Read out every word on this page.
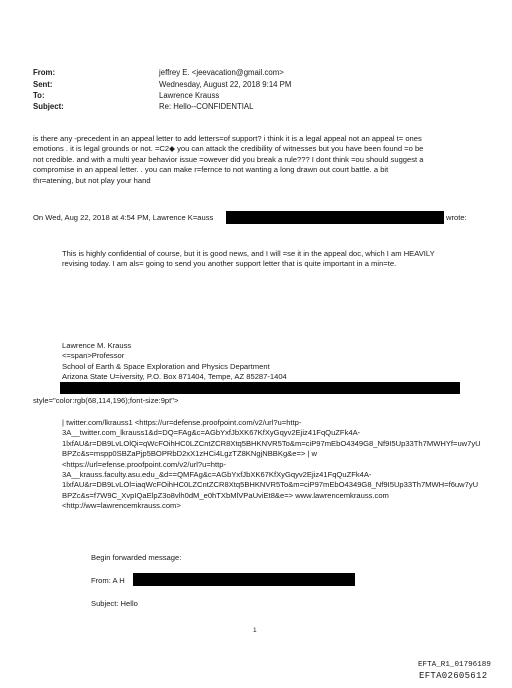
From:	jeffrey E. <jeevacation@gmail.com>
Sent:	Wednesday, August 22, 2018 9:14 PM
To:	Lawrence Krauss
Subject:	Re: Hello--CONFIDENTIAL
is there any -precedent in an appeal letter to add letters=of support? i think it is a legal appeal not an appeal t= ones
emotions . it is legal grounds or not. =C2◆ you can attack the credibility of witnesses but you have been found =o be
not credible. and with a multi year behavior issue =owever did you break a rule??? I dont think =ou should suggest a
compromise in an appeal letter. . you can make r=fernce to not wanting a long drawn out court battle. a bit
thr=atening, but not play your hand
On Wed, Aug 22, 2018 at 4:54 PM, Lawrence K=auss	wrote:
This is highly confidential of course, but it is good news, and I will =se it in the appeal doc, which I am HEAVILY
revising today. I am als= going to send you another support letter that is quite important in a min=te.
Lawrence M. Krauss
<=span>Professor
School of Earth & Space Exploration and Physics Department
Arizona State U=iversity, P.O. Box 871404, Tempe, AZ 85287-1404
style="color:rgb(68,114,196);font-size:9pt">
| twitter.com/lkrauss1 <https://ur=defense.proofpoint.com/v2/url?u=http-
3A__twitter.com_lkrauss1&d=DQ=FAg&c=AGbYxfJbXK67KfXyGqyv2Ejiz41FqQuZFk4A-
1lxfAU&r=DB9LvLOlQi=qWcFOihHC0LZCntZCR8Xtq5BHKNVR5To&m=ciP97mEbO4349G8_Nf9I5Up33Th7MWHYf=uw7yU
BPZc&s=mspp0SBZaPjp5BOPRbD2xX1zHCi4LgzTZ8KNgjNBBKg&e=> | w
<https://url=efense.proofpoint.com/v2/url?u=http-
3A__krauss.faculty.asu.edu_&d==QMFAg&c=AGbYxfJbXK67KfXyGqyv2Ejiz41FqQuZFk4A-
1lxfAU&r=DB9LvLOl=iaqWcFOihHC0LZCntZCR8Xtq5BHKNVR5To&m=ciP97mEbO4349G8_Nf9I5Up33Th7MWH=f6uw7yU
BPZc&s=f7W9C_XvpIQaElpZ3o8vlh0dM_e0hTXbMlVPaUviEt8&e=> www.lawrencemkrauss.com
<http://ww=lawrencemkrauss.com>
Begin forwarded message:
From: A H
Subject: Hello
1
EFTA_R1_01796189
EFTA02605612
